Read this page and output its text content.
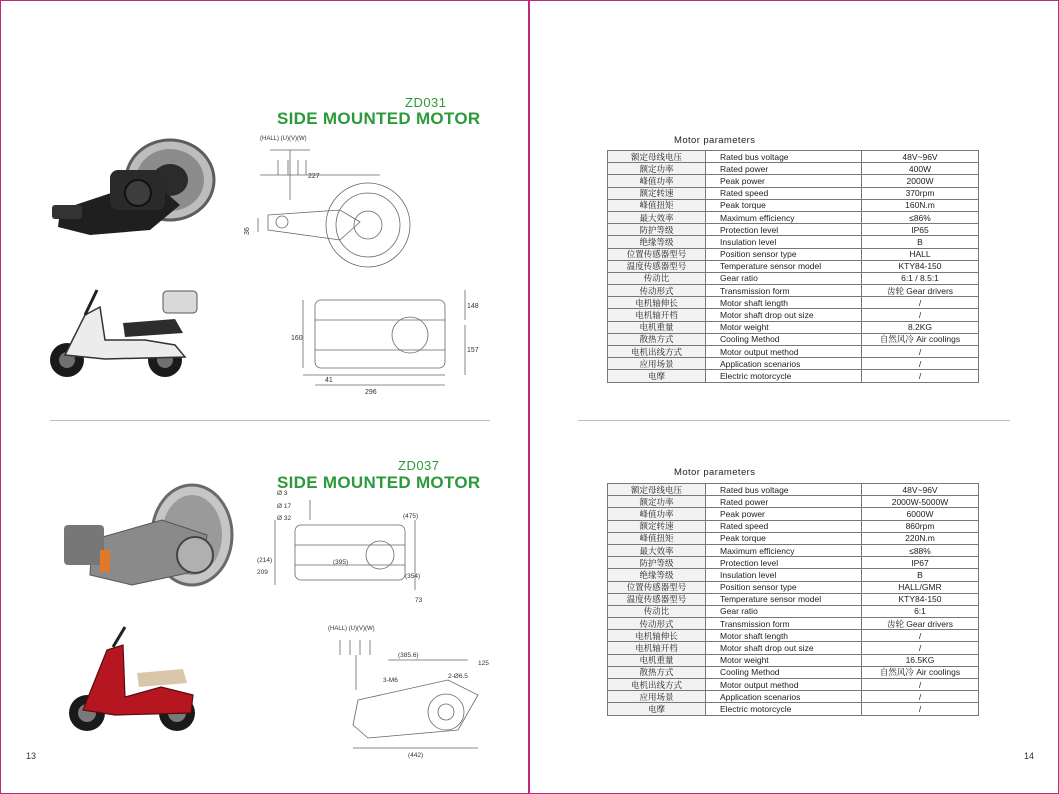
ZD031
SIDE MOUNTED MOTOR
(HALL) (U)(V)(W)
227
36
160
148
157
41
296
ZD037
SIDE MOUNTED MOTOR
Ø 3
Ø 17
Ø 32
(214)
209
(395)
(475)
(354)
73
(HALL) (U)(V)(W)
(385.6)
(442)
3-M6
2-Ø6.5
125
13
Motor parameters
额定母线电压	Rated bus voltage	48V~96V
额定功率	Rated power	400W
峰值功率	Peak power	2000W
额定转速	Rated speed	370rpm
峰值扭矩	Peak torque	160N.m
最大效率	Maximum efficiency	≤86%
防护等级	Protection level	IP65
绝缘等级	Insulation level	B
位置传感器型号	Position sensor type	HALL
温度传感器型号	Temperature sensor model	KTY84-150
传动比	Gear ratio	6:1 / 8.5:1
传动形式	Transmission form	齿轮 Gear drivers
电机轴伸长	Motor shaft length	/
电机轴开档	Motor shaft drop out size	/
电机重量	Motor weight	8.2KG
散热方式	Cooling Method	自然风冷 Air coolings
电机出线方式	Motor output method	/
应用场景	Application scenarios	/
电摩	Electric motorcycle	/
Motor parameters
额定母线电压	Rated bus voltage	48V~96V
额定功率	Rated power	2000W-5000W
峰值功率	Peak power	6000W
额定转速	Rated speed	860rpm
峰值扭矩	Peak torque	220N.m
最大效率	Maximum efficiency	≤88%
防护等级	Protection level	IP67
绝缘等级	Insulation level	B
位置传感器型号	Position sensor type	HALL/GMR
温度传感器型号	Temperature sensor model	KTY84-150
传动比	Gear ratio	6:1
传动形式	Transmission form	齿轮 Gear drivers
电机轴伸长	Motor shaft length	/
电机轴开档	Motor shaft drop out size	/
电机重量	Motor weight	16.5KG
散热方式	Cooling Method	自然风冷 Air coolings
电机出线方式	Motor output method	/
应用场景	Application scenarios	/
电摩	Electric motorcycle	/
14
